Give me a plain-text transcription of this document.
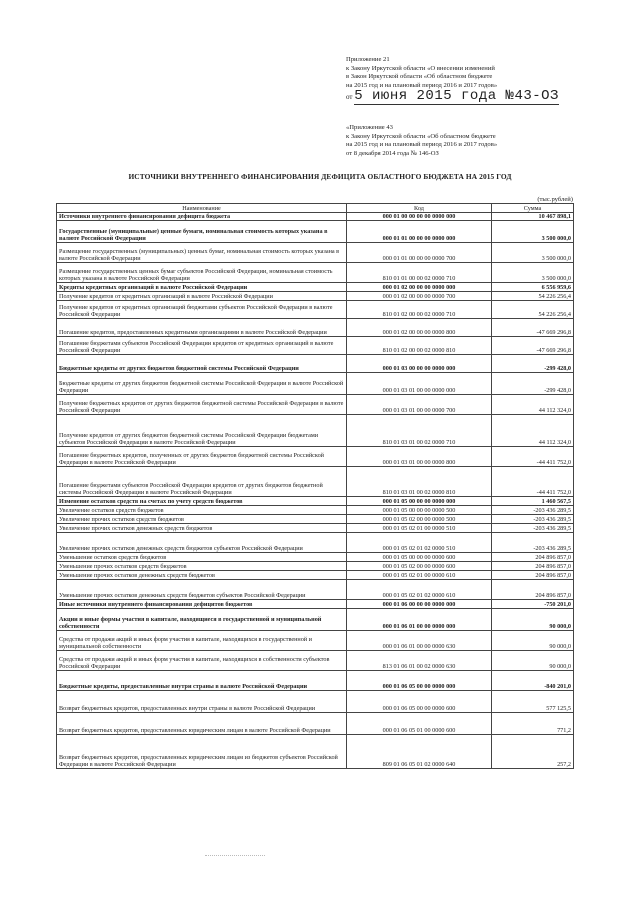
Приложение 21

к Закону Иркутской области «О внесении изменений

в Закон Иркутской области «Об областном бюджете

на 2015 год и на плановый период 2016 и 2017 годов»

от 5 июня 2015 года №43-ОЗ

«Приложение 43

к Закону Иркутской области «Об областном бюджете

на 2015 год и на плановый период 2016 и 2017 годов»

от 8 декабря 2014 года № 146-ОЗ

ИСТОЧНИКИ ВНУТРЕННЕГО ФИНАНСИРОВАНИЯ ДЕФИЦИТА ОБЛАСТНОГО БЮДЖЕТА НА 2015 ГОД
(тыс.рублей)
Наименование	Код	Сумма
Источники внутреннего финансирования дефицита бюджета	000 01 00 00 00 00 0000 000	10 467 898,1
Государственные (муниципальные) ценные бумаги, номинальная стоимость которых указана в валюте Российской Федерации	000 01 01 00 00 00 0000 000	3 500 000,0
Размещение государственных (муниципальных) ценных бумаг, номинальная стоимость которых указана в валюте Российской Федерации	000 01 01 00 00 00 0000 700	3 500 000,0
Размещение государственных ценных бумаг субъектов Российской Федерации, номинальная стоимость которых указана в валюте Российской Федерации	810 01 01 00 00 02 0000 710	3 500 000,0
Кредиты кредитных организаций в валюте Российской Федерации	000 01 02 00 00 00 0000 000	6 556 959,6
Получение кредитов от кредитных организаций в валюте Российской Федерации	000 01 02 00 00 00 0000 700	54 226 256,4
Получение кредитов от кредитных организаций бюджетами субъектов Российской Федерации в валюте Российской Федерации	810 01 02 00 00 02 0000 710	54 226 256,4
Погашение кредитов, предоставленных кредитными организациями в валюте Российской Федерации	000 01 02 00 00 00 0000 800	-47 669 296,8
Погашение бюджетами субъектов Российской Федерации кредитов от кредитных организаций в валюте Российской Федерации	810 01 02 00 00 02 0000 810	-47 669 296,8
Бюджетные кредиты от других бюджетов бюджетной системы Российской Федерации	000 01 03 00 00 00 0000 000	-299 428,0
Бюджетные кредиты от других бюджетов бюджетной системы Российской Федерации в валюте Российской Федерации	000 01 03 01 00 00 0000 000	-299 428,0
Получение бюджетных кредитов от других бюджетов бюджетной системы Российской Федерации в валюте Российской Федерации	000 01 03 01 00 00 0000 700	44 112 324,0
Получение кредитов от других бюджетов бюджетной системы Российской Федерации бюджетами субъектов Российской Федерации в валюте Российской Федерации	810 01 03 01 00 02 0000 710	44 112 324,0
Погашение бюджетных кредитов, полученных от других бюджетов бюджетной системы Российской Федерации в валюте Российской Федерации	000 01 03 01 00 00 0000 800	-44 411 752,0
Погашение бюджетами субъектов Российской Федерации кредитов от других бюджетов бюджетной системы Российской Федерации в валюте Российской Федерации	810 01 03 01 00 02 0000 810	-44 411 752,0
Изменение остатков средств на счетах по учету средств бюджетов	000 01 05 00 00 00 0000 000	1 460 567,5
Увеличение остатков средств бюджетов	000 01 05 00 00 00 0000 500	-203 436 289,5
Увеличение прочих остатков средств бюджетов	000 01 05 02 00 00 0000 500	-203 436 289,5
Увеличение прочих остатков денежных средств бюджетов	000 01 05 02 01 00 0000 510	-203 436 289,5
Увеличение прочих остатков денежных средств бюджетов субъектов Российской Федерации	000 01 05 02 01 02 0000 510	-203 436 289,5
Уменьшение остатков средств бюджетов	000 01 05 00 00 00 0000 600	204 896 857,0
Уменьшение прочих остатков средств бюджетов	000 01 05 02 00 00 0000 600	204 896 857,0
Уменьшение прочих остатков денежных средств бюджетов	000 01 05 02 01 00 0000 610	204 896 857,0
Уменьшение прочих остатков денежных средств бюджетов субъектов Российской Федерации	000 01 05 02 01 02 0000 610	204 896 857,0
Иные источники внутреннего финансирования дефицитов бюджетов	000 01 06 00 00 00 0000 000	-750 201,0
Акции и иные формы участия в капитале, находящиеся в государственной и муниципальной собственности	000 01 06 01 00 00 0000 000	90 000,0
Средства от продажи акций и иных форм участия в капитале, находящихся в государственной и муниципальной собственности	000 01 06 01 00 00 0000 630	90 000,0
Средства от продажи акций и иных форм участия в капитале, находящихся в собственности субъектов Российской Федерации	813 01 06 01 00 02 0000 630	90 000,0
Бюджетные кредиты, предоставленные внутри страны в валюте Российской Федерации	000 01 06 05 00 00 0000 000	-840 201,0
Возврат бюджетных кредитов, предоставленных внутри страны в валюте Российской Федерации	000 01 06 05 00 00 0000 600	577 125,5
Возврат бюджетных кредитов, предоставленных юридическим лицам в валюте Российской Федерации	000 01 06 05 01 00 0000 600	771,2
Возврат бюджетных кредитов, предоставленных юридическим лицам из бюджетов субъектов Российской Федерации в валюте Российской Федерации	809 01 06 05 01 02 0000 640	257,2
